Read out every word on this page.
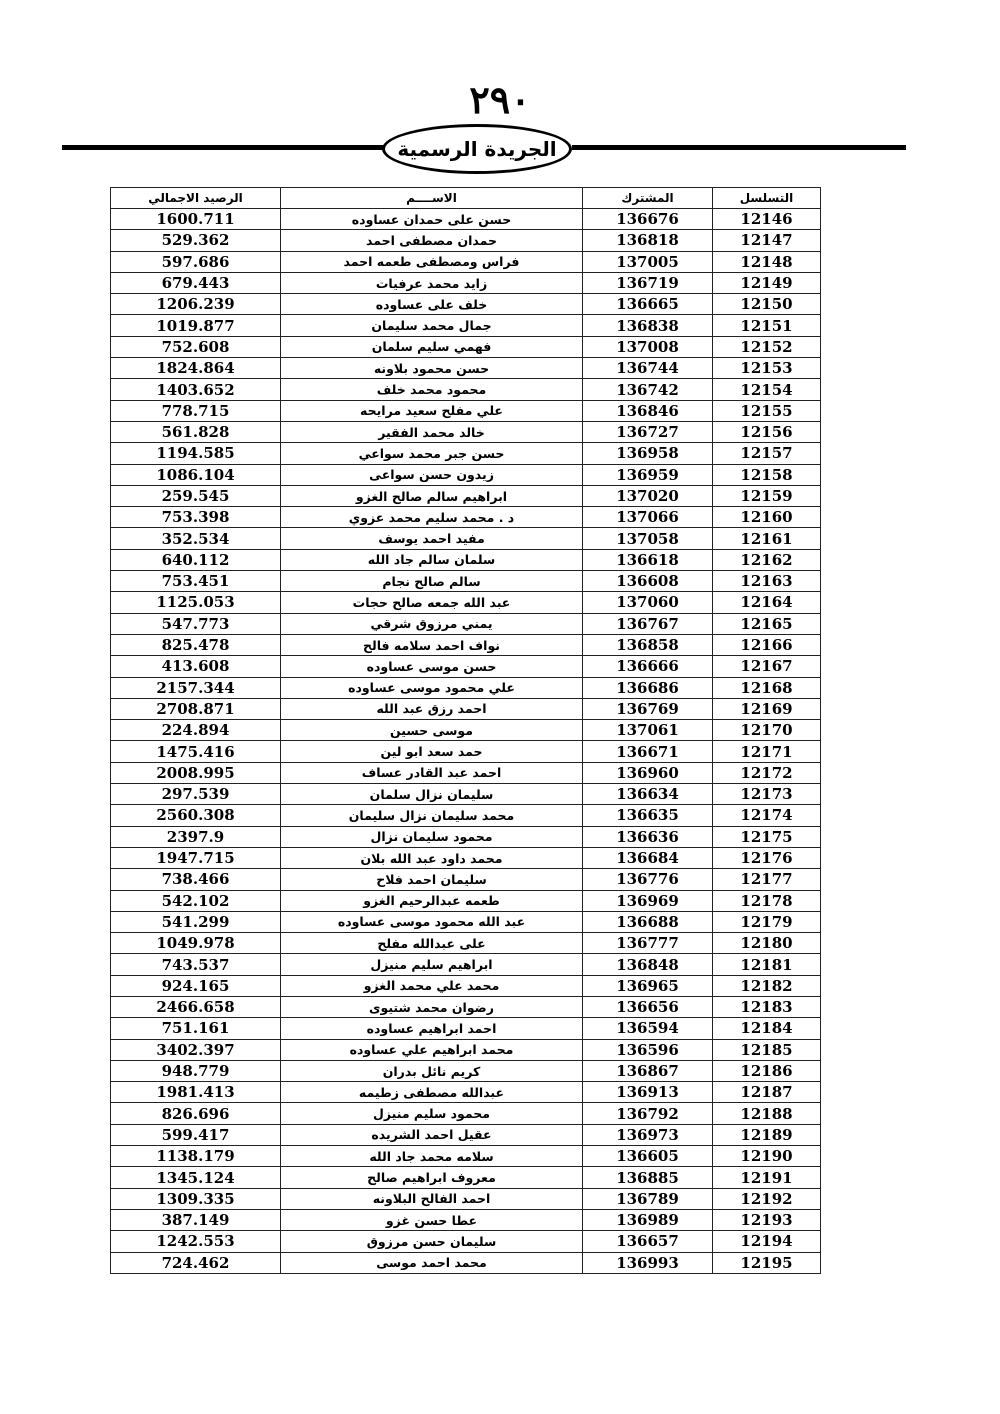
٢٩٠
الجريدة الرسمية
التسلسل	المشترك	الاســــم	الرصيد الاجمالي
12146	136676	حسن على حمدان عساوده	1600.711
12147	136818	حمدان مصطفى احمد	529.362
12148	137005	فراس ومصطفى طعمه احمد	597.686
12149	136719	زايد محمد عرفيات	679.443
12150	136665	خلف على عساوده	1206.239
12151	136838	جمال محمد سليمان	1019.877
12152	137008	فهمي سليم سلمان	752.608
12153	136744	حسن محمود بلاونه	1824.864
12154	136742	محمود محمد خلف	1403.652
12155	136846	علي مفلح سعيد مرايحه	778.715
12156	136727	خالد محمد الفقير	561.828
12157	136958	حسن جبر محمد سواعي	1194.585
12158	136959	زيدون حسن سواعى	1086.104
12159	137020	ابراهيم سالم صالح الغزو	259.545
12160	137066	د . محمد سليم محمد عزوي	753.398
12161	137058	مفيد احمد يوسف	352.534
12162	136618	سلمان سالم جاد الله	640.112
12163	136608	سالم صالح نجام	753.451
12164	137060	عبد الله جمعه صالح حجات	1125.053
12165	136767	يمني مرزوق شرقي	547.773
12166	136858	نواف احمد سلامه فالح	825.478
12167	136666	حسن موسى عساوده	413.608
12168	136686	علي محمود موسى عساوده	2157.344
12169	136769	احمد رزق عبد الله	2708.871
12170	137061	موسى حسين	224.894
12171	136671	حمد سعد ابو لين	1475.416
12172	136960	احمد عبد القادر عساف	2008.995
12173	136634	سليمان نزال سلمان	297.539
12174	136635	محمد سليمان نزال سليمان	2560.308
12175	136636	محمود سليمان نزال	2397.9
12176	136684	محمد داود عبد الله بلان	1947.715
12177	136776	سليمان احمد فلاح	738.466
12178	136969	طعمه عبدالرحيم الغزو	542.102
12179	136688	عبد الله محمود موسى عساوده	541.299
12180	136777	على عبدالله مفلح	1049.978
12181	136848	ابراهيم سليم منيزل	743.537
12182	136965	محمد علي محمد الغزو	924.165
12183	136656	رضوان محمد شتيوى	2466.658
12184	136594	احمد ابراهيم عساوده	751.161
12185	136596	محمد ابراهيم علي عساوده	3402.397
12186	136867	كريم نائل بدران	948.779
12187	136913	عبدالله مصطفى زطيمه	1981.413
12188	136792	محمود سليم منيزل	826.696
12189	136973	عقيل احمد الشريده	599.417
12190	136605	سلامه محمد جاد الله	1138.179
12191	136885	معروف ابراهيم صالح	1345.124
12192	136789	احمد الفالح البلاونه	1309.335
12193	136989	عطا حسن غزو	387.149
12194	136657	سليمان حسن مرزوق	1242.553
12195	136993	محمد احمد موسى	724.462
